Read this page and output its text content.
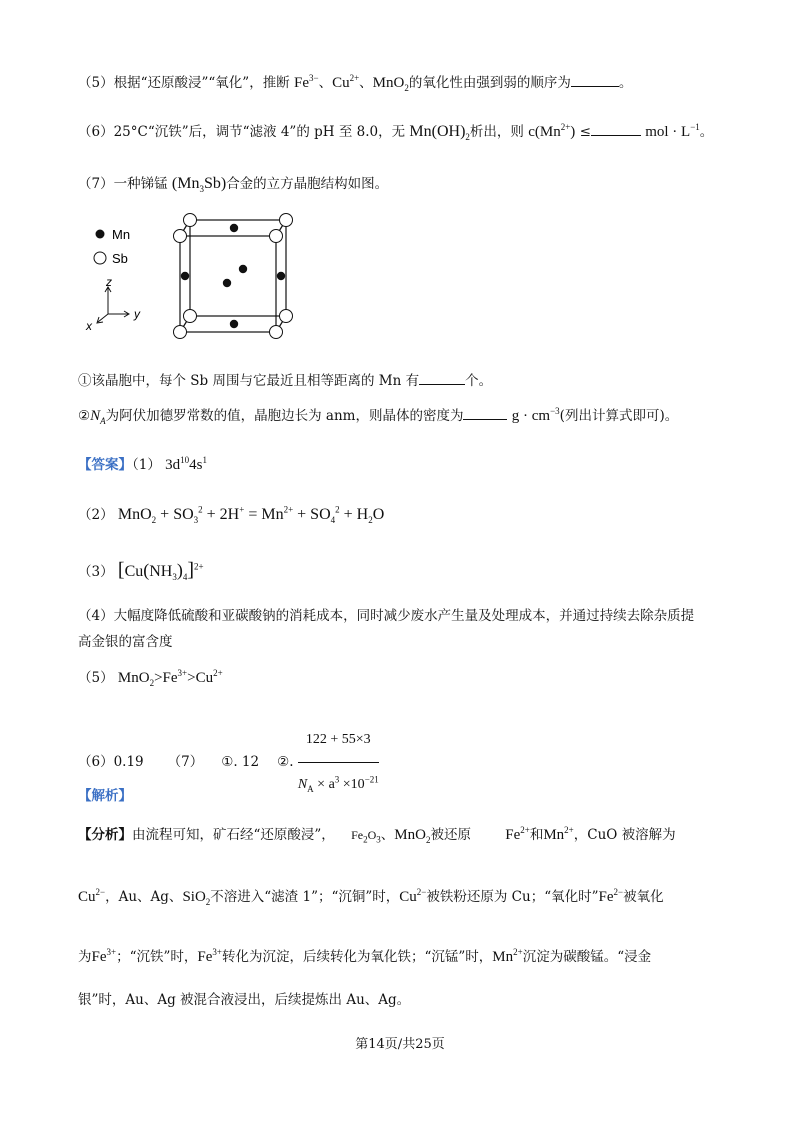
（5）根据“还原酸浸”“氧化”，推断 $Fe^{3-}$、$Cu^{2+}$、MnO$_2$的氧化性由强到弱的顺序为	。
（6）25°C“沉铁”后，调节“滤液 4”的 pH 至 8.0，无 $Mn(OH)_2$析出，则 $c(Mn^{2+})$ ≤	mol · $L^{-1}$。
（7）一种锑锰 $(Mn_3Sb)$合金的立方晶胞结构如图。
Mn
Sb
z
y
x
①该晶胞中，每个 Sb 周围与它最近且相等距离的 Mn 有	个。
$②N_A$为阿伏加德罗常数的值，晶胞边长为 anm，则晶体的密度为	$g \cdot cm^{-3}$(列出计算式即可)。
【答案】（1） $3d^{10}4s^1$
（2） $MnO_2 + SO_3^2 + 2H^+ = Mn^{2+} + SO_4^2 + H_2O$
（3） $[Cu(NH_3)_4]^{2+}$
（4）大幅度降低硫酸和亚碳酸钠的消耗成本，同时减少废水产生量及处理成本，并通过持续去除杂质提
高金银的富含度
（5） $MnO_2>Fe^{3+}>Cu^{2+}$
（6）0.19 （7） ①. 12 ②. $\frac{122 + 55\times 3}{N_A \times a^3 \times 10^{-21}}$
【解析】
【分析】由流程可知，矿石经“还原酸浸”， $Fe_2O_3$、MnO$_2$被还原 $Fe^{2+}$和$Mn^{2+}$，CuO 被溶解为
$Cu^{2-}$，Au、Ag、SiO$_2$不溶进入“滤渣 1”；“沉铜”时，$Cu^{2-}$被铁粉还原为 Cu；“氧化时$”Fe^{2-}$被氧化
为$Fe^{3+}$；“沉铁”时，$Fe^{3+}$转化为沉淀，后续转化为氧化铁；“沉锰”时，$Mn^{2+}$沉淀为碳酸锰。“浸金
银”时，Au、Ag 被混合液浸出，后续提炼出 Au、Ag。
第14页/共25页
